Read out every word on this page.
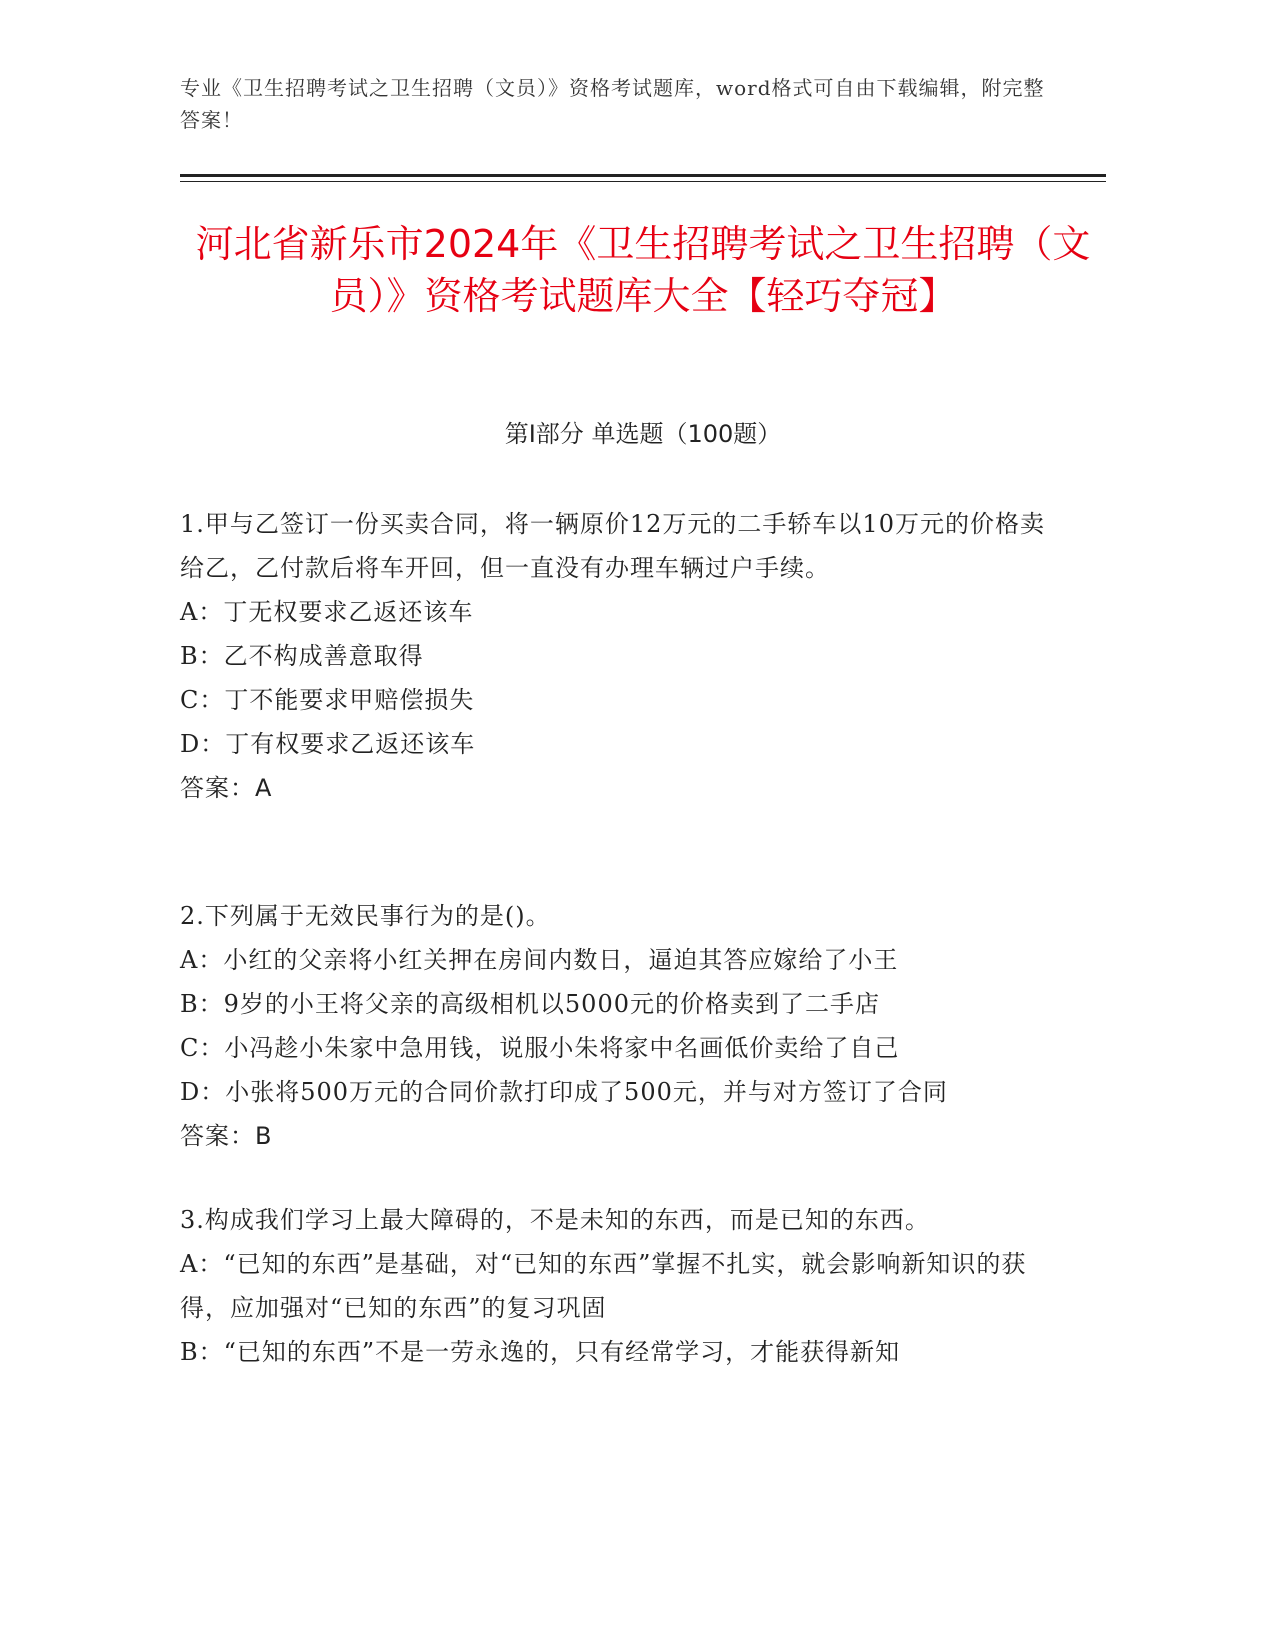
专业《卫生招聘考试之卫生招聘（文员）》资格考试题库，word格式可自由下载编辑，附完整答案！
河北省新乐市2024年《卫生招聘考试之卫生招聘（文员）》资格考试题库大全【轻巧夺冠】
第I部分 单选题（100题）

1.甲与乙签订一份买卖合同，将一辆原价12万元的二手轿车以10万元的价格卖给乙，乙付款后将车开回，但一直没有办理车辆过户手续。

A：丁无权要求乙返还该车

B：乙不构成善意取得

C：丁不能要求甲赔偿损失

D：丁有权要求乙返还该车

答案：A

2.下列属于无效民事行为的是()。

A：小红的父亲将小红关押在房间内数日，逼迫其答应嫁给了小王

B：9岁的小王将父亲的高级相机以5000元的价格卖到了二手店

C：小冯趁小朱家中急用钱，说服小朱将家中名画低价卖给了自己

D：小张将500万元的合同价款打印成了500元，并与对方签订了合同

答案：B

3.构成我们学习上最大障碍的，不是未知的东西，而是已知的东西。

A：“已知的东西”是基础，对“已知的东西”掌握不扎实，就会影响新知识的获得，应加强对“已知的东西”的复习巩固

B：“已知的东西”不是一劳永逸的，只有经常学习，才能获得新知
